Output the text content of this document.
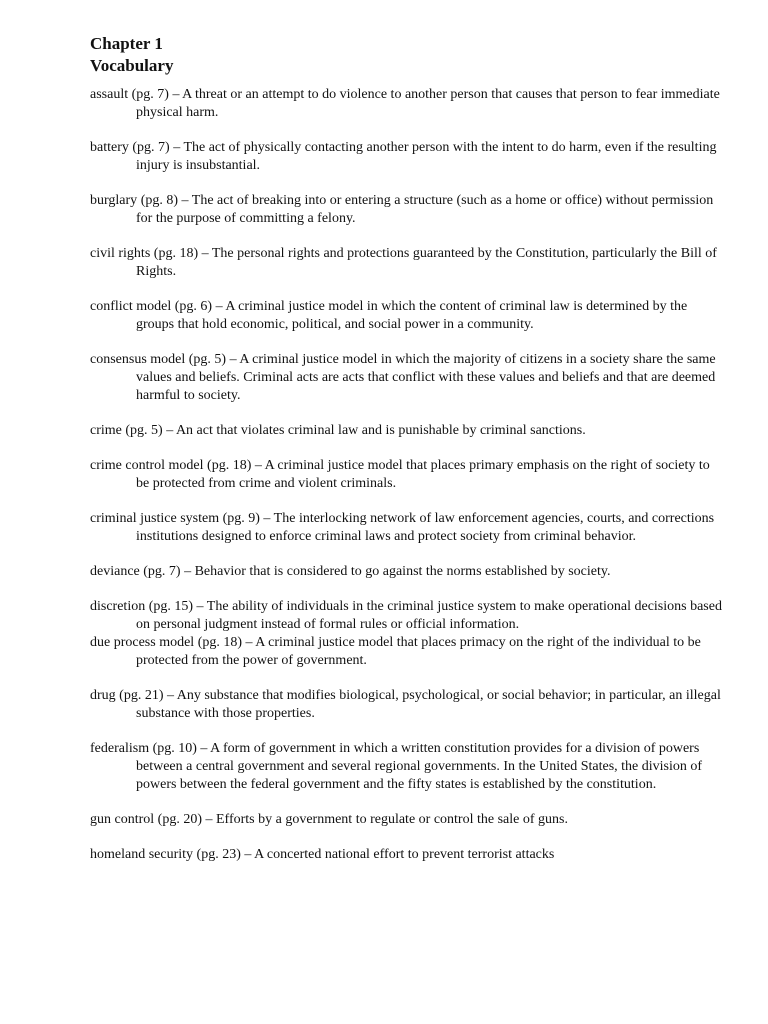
Chapter 1
Vocabulary

assault (pg. 7) – A threat or an attempt to do violence to another person that causes that person to fear immediate physical harm.

battery (pg. 7) – The act of physically contacting another person with the intent to do harm, even if the resulting injury is insubstantial.

burglary (pg. 8) – The act of breaking into or entering a structure (such as a home or office) without permission for the purpose of committing a felony.

civil rights (pg. 18) – The personal rights and protections guaranteed by the Constitution, particularly the Bill of Rights.

conflict model (pg. 6) – A criminal justice model in which the content of criminal law is determined by the groups that hold economic, political, and social power in a community.

consensus model (pg. 5) – A criminal justice model in which the majority of citizens in a society share the same values and beliefs. Criminal acts are acts that conflict with these values and beliefs and that are deemed harmful to society.

crime (pg. 5) – An act that violates criminal law and is punishable by criminal sanctions.

crime control model (pg. 18) – A criminal justice model that places primary emphasis on the right of society to be protected from crime and violent criminals.

criminal justice system (pg. 9) – The interlocking network of law enforcement agencies, courts, and corrections institutions designed to enforce criminal laws and protect society from criminal behavior.

deviance (pg. 7) – Behavior that is considered to go against the norms established by society.

discretion (pg. 15) – The ability of individuals in the criminal justice system to make operational decisions based on personal judgment instead of formal rules or official information.

due process model (pg. 18) – A criminal justice model that places primacy on the right of the individual to be protected from the power of government.

drug (pg. 21) – Any substance that modifies biological, psychological, or social behavior; in particular, an illegal substance with those properties.

federalism (pg. 10) – A form of government in which a written constitution provides for a division of powers between a central government and several regional governments. In the United States, the division of powers between the federal government and the fifty states is established by the constitution.

gun control (pg. 20) – Efforts by a government to regulate or control the sale of guns.

homeland security (pg. 23) – A concerted national effort to prevent terrorist attacks
